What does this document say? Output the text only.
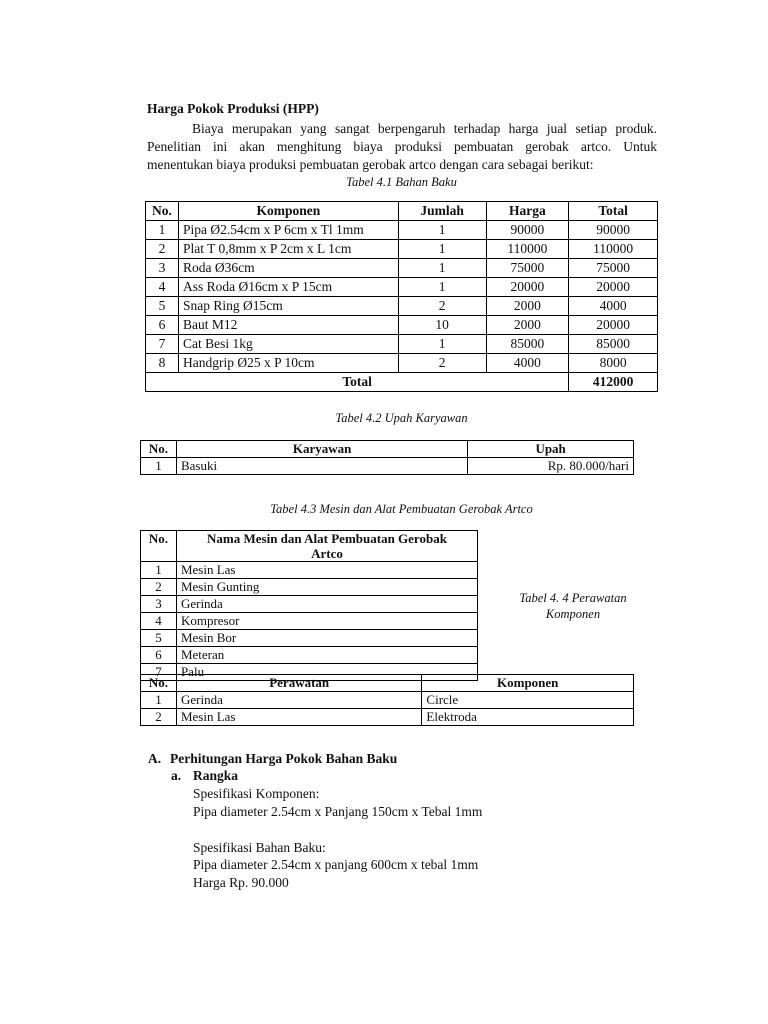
Harga Pokok Produksi (HPP)
Biaya merupakan yang sangat berpengaruh terhadap harga jual setiap produk.
Penelitian ini akan menghitung biaya produksi pembuatan gerobak artco. Untuk
menentukan biaya produksi pembuatan gerobak artco dengan cara sebagai berikut:
Tabel 4.1 Bahan Baku
No.	Komponen	Jumlah	Harga	Total
1	Pipa Ø2.54cm x P 6cm x Tl 1mm	1	90000	90000
2	Plat T 0,8mm x P 2cm x L 1cm	1	110000	110000
3	Roda Ø36cm	1	75000	75000
4	Ass Roda Ø16cm x P 15cm	1	20000	20000
5	Snap Ring Ø15cm	2	2000	4000
6	Baut M12	10	2000	20000
7	Cat Besi 1kg	1	85000	85000
8	Handgrip Ø25 x P 10cm	2	4000	8000
Total				412000
Tabel 4.2 Upah Karyawan
No.	Karyawan	Upah
1	Basuki	Rp. 80.000/hari
Tabel 4.3 Mesin dan Alat Pembuatan Gerobak Artco
No.	Nama Mesin dan Alat Pembuatan Gerobak Artco
1	Mesin Las
2	Mesin Gunting
3	Gerinda
4	Kompresor
5	Mesin Bor
6	Meteran
7	Palu
Tabel 4. 4 Perawatan
Komponen
No.	Perawatan	Komponen
1	Gerinda	Circle
2	Mesin Las	Elektroda
A. Perhitungan Harga Pokok Bahan Baku
a. Rangka
Spesifikasi Komponen:
Pipa diameter 2.54cm x Panjang 150cm x Tebal 1mm
Spesifikasi Bahan Baku:
Pipa diameter 2.54cm x panjang 600cm x tebal 1mm
Harga Rp. 90.000
